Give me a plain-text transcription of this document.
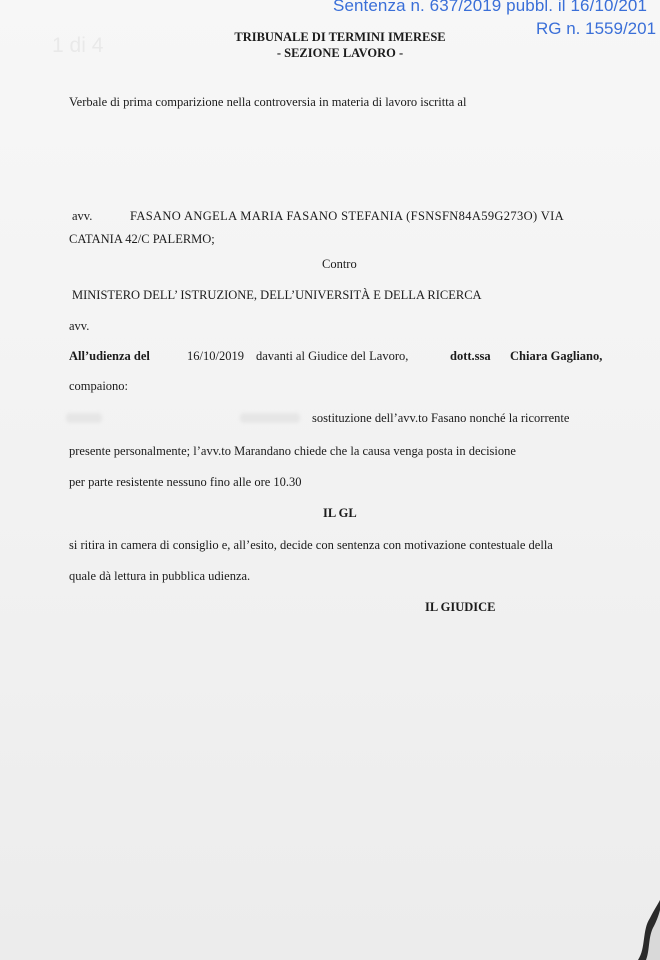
Sentenza n. 637/2019 pubbl. il 16/10/201
RG n. 1559/201
1 di 4	TRIBUNALE DI TERMINI IMERESE
- SEZIONE LAVORO -
Verbale di prima comparizione nella controversia in materia di lavoro iscritta al
avv.	FASANO ANGELA MARIA FASANO STEFANIA (FSNSFN84A59G273O) VIA
CATANIA 42/C PALERMO;
Contro
MINISTERO DELL’ ISTRUZIONE, DELL’UNIVERSITÀ E DELLA RICERCA
avv.
All’udienza del	16/10/2019 davanti al Giudice del Lavoro,	dott.ssa Chiara Gagliano,
compaiono:
sostituzione dell’avv.to Fasano nonché la ricorrente
presente personalmente; l’avv.to Marandano chiede che la causa venga posta in decisione
per parte resistente nessuno fino alle ore 10.30
IL GL
si ritira in camera di consiglio e, all’esito, decide con sentenza con motivazione contestuale della
quale dà lettura in pubblica udienza.
IL GIUDICE
